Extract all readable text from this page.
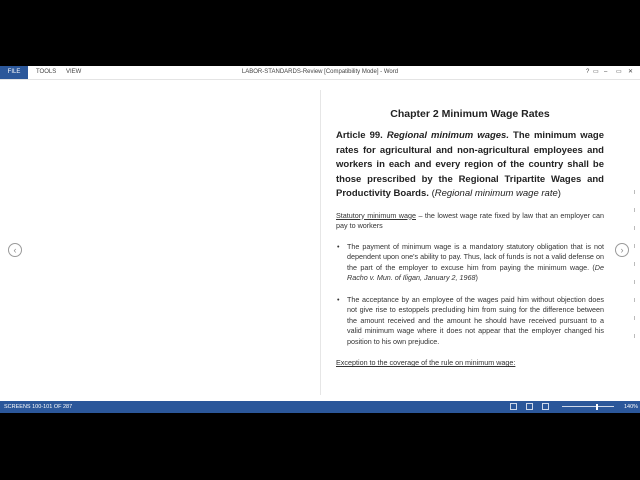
FILE	TOOLS VIEW	LABOR-STANDARDS-Review [Compatibility Mode] - Word	? ▭ – ▭ ✕
‹	›
Chapter 2 Minimum Wage Rates
Article 99. Regional minimum wages. The minimum wage rates for agricultural and non-agricultural employees and workers in each and every region of the country shall be those prescribed by the Regional Tripartite Wages and Productivity Boards. (Regional minimum wage rate)
Statutory minimum wage – the lowest wage rate fixed by law that an employer can pay to workers
• The payment of minimum wage is a mandatory statutory obligation that is not dependent upon one's ability to pay. Thus, lack of funds is not a valid defense on the part of the employer to excuse him from paying the minimum wage. (De Racho v. Mun. of Iligan, January 2, 1968)
• The acceptance by an employee of the wages paid him without objection does not give rise to estoppels precluding him from suing for the difference between the amount received and the amount he should have received pursuant to a valid minimum wage where it does not appear that the employer changed his position to his own prejudice.
Exception to the coverage of the rule on minimum wage:
SCREENS 100-101 OF 287	140%
